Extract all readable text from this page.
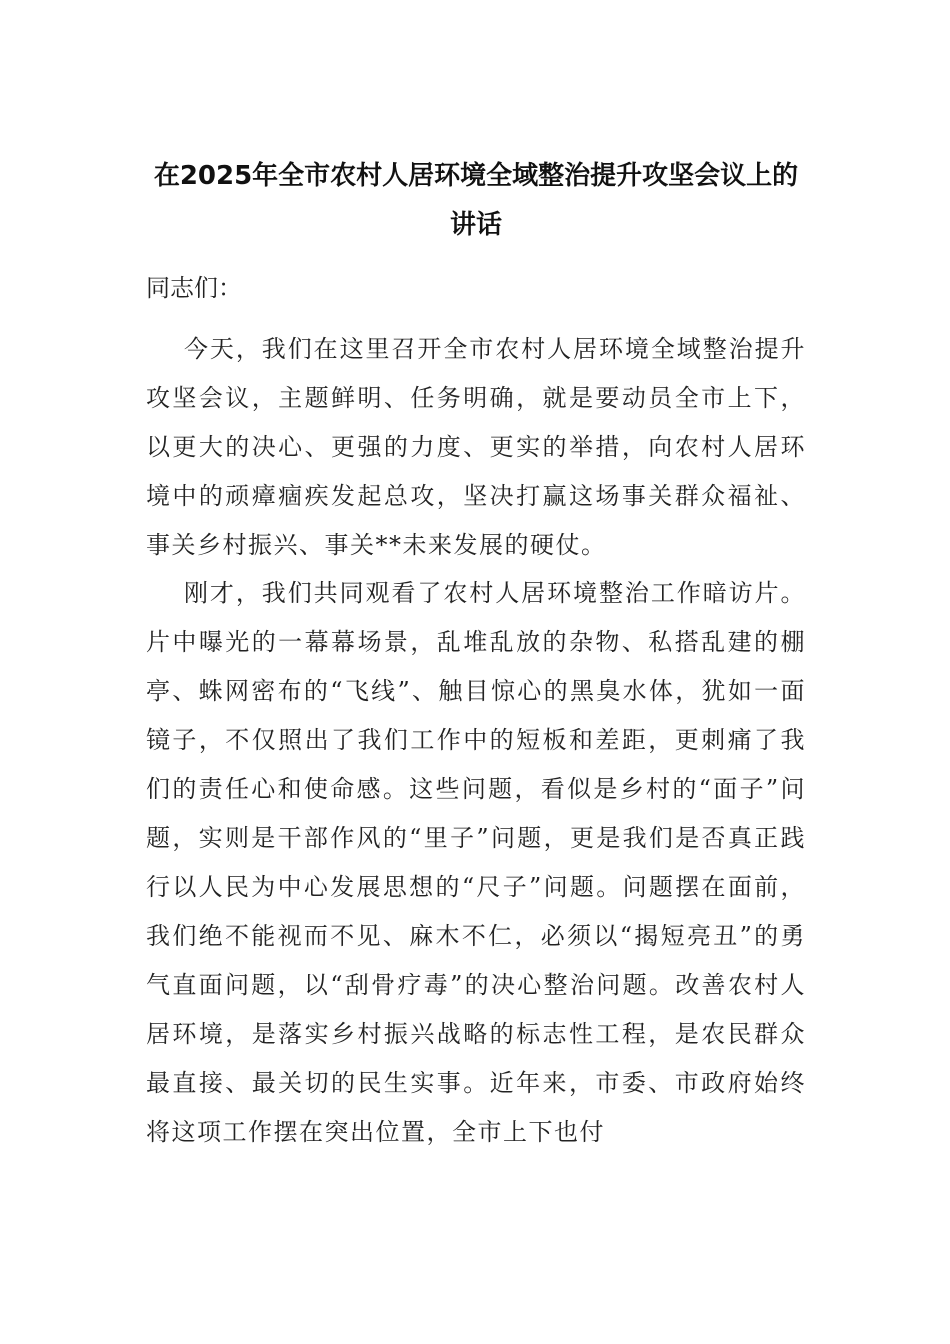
在2025年全市农村人居环境全域整治提升攻坚会议上的讲话

同志们：

今天，我们在这里召开全市农村人居环境全域整治提升攻坚会议，主题鲜明、任务明确，就是要动员全市上下，以更大的决心、更强的力度、更实的举措，向农村人居环境中的顽瘴痼疾发起总攻，坚决打赢这场事关群众福祉、事关乡村振兴、事关**未来发展的硬仗。

刚才，我们共同观看了农村人居环境整治工作暗访片。片中曝光的一幕幕场景，乱堆乱放的杂物、私搭乱建的棚亭、蛛网密布的“飞线”、触目惊心的黑臭水体，犹如一面镜子，不仅照出了我们工作中的短板和差距，更刺痛了我们的责任心和使命感。这些问题，看似是乡村的“面子”问题，实则是干部作风的“里子”问题，更是我们是否真正践行以人民为中心发展思想的“尺子”问题。问题摆在面前，我们绝不能视而不见、麻木不仁，必须以“揭短亮丑”的勇气直面问题，以“刮骨疗毒”的决心整治问题。改善农村人居环境，是落实乡村振兴战略的标志性工程，是农民群众最直接、最关切的民生实事。近年来，市委、市政府始终将这项工作摆在突出位置，全市上下也付
